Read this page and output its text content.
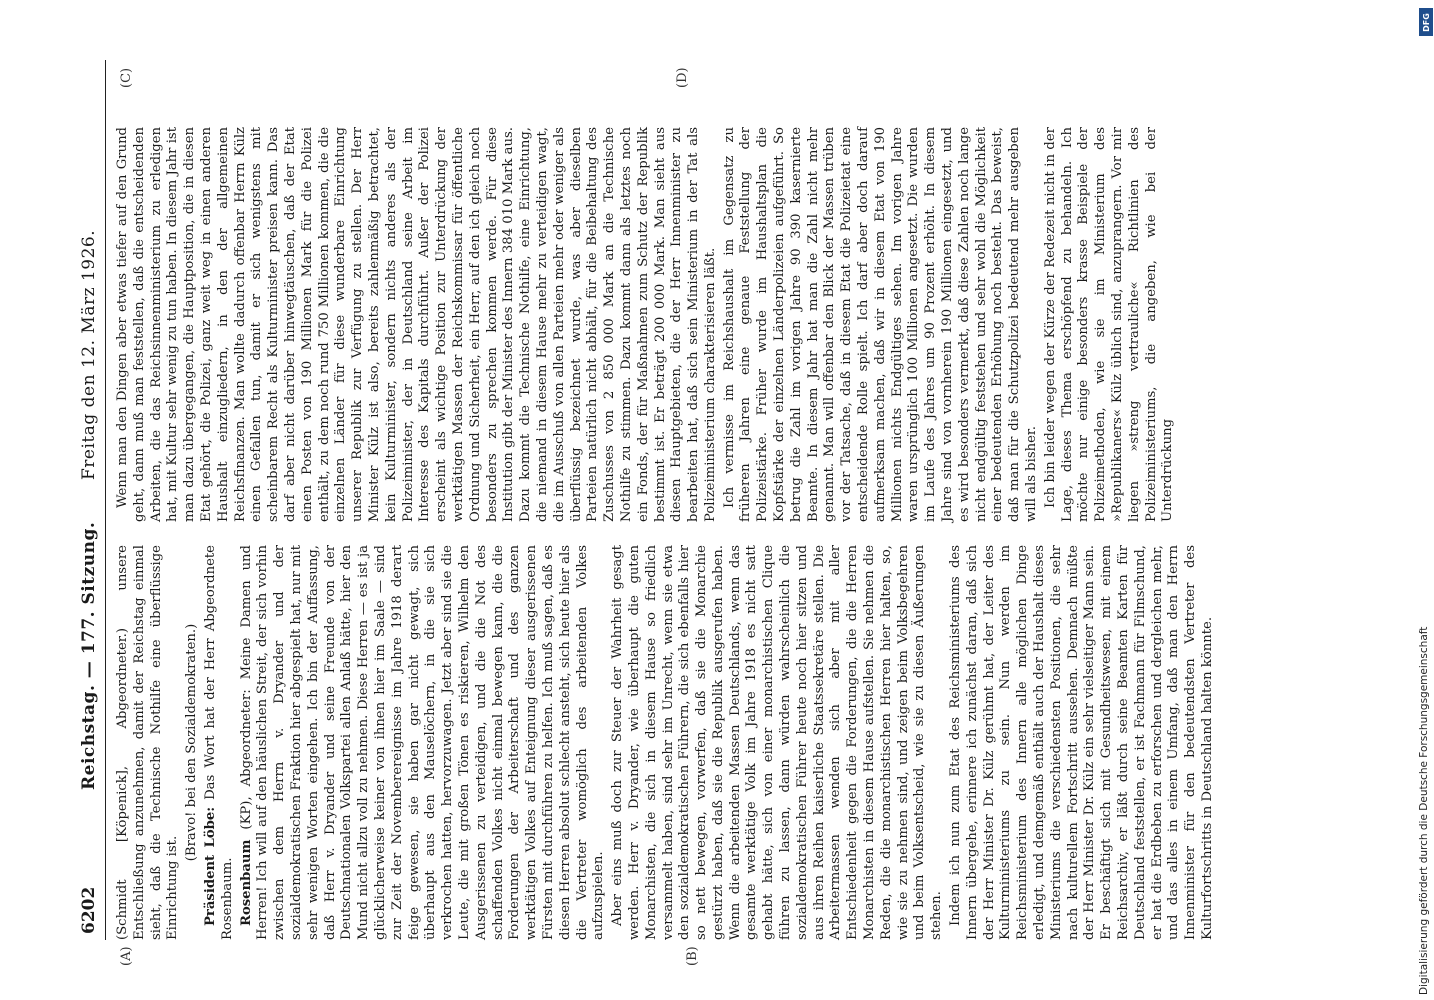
6202
Reichstag. — 177. Sitzung.
Freitag den 12. März 1926.
(A)	(B)
(C)	(D)

(Schmidt [Köpenick], Abgeordneter.) unsere Entschließung anzunehmen, damit der Reichstag einmal sieht, daß die Technische Nothilfe eine überflüssige Einrichtung ist.

(Bravo! bei den Sozialdemokraten.)

Präsident Löbe: Das Wort hat der Herr Abgeordnete Rosenbaum. Rosenbaum (KP), Abgeordneter: Meine Damen und Herren! Ich will auf den häuslichen Streit, der sich vorhin zwischen dem Herrn v. Dryander und der sozialdemokratischen Fraktion hier abgespielt hat, nur mit sehr wenigen Worten eingehen. Ich bin der Auffassung, daß Herr v. Dryander und seine Freunde von der Deutschnationalen Volkspartei allen Anlaß hätte, hier den Mund nicht allzu voll zu nehmen. Diese Herren — es ist ja glücklicherweise keiner von ihnen hier im Saale — sind zur Zeit der Novemberereignisse im Jahre 1918 derart feige gewesen, sie haben gar nicht gewagt, sich überhaupt aus den Mauselöchern, in die sie sich verkrochen hatten, hervorzuwagen. Jetzt aber sind sie die Leute, die mit großen Tönen es riskieren, Wilhelm den Ausgerissenen zu verteidigen, und die die Not des schaffenden Volkes nicht einmal bewegen kann, die die Forderungen der Arbeiterschaft und des ganzen werktätigen Volkes auf Enteignung dieser ausgerissenen Fürsten mit durchführen zu helfen. Ich muß sagen, daß es diesen Herren absolut schlecht ansteht, sich heute hier als die Vertreter womöglich des arbeitenden Volkes aufzuspielen. Aber eins muß doch zur Steuer der Wahrheit gesagt werden. Herr v. Dryander, wie überhaupt die guten Monarchisten, die sich in diesem Hause so friedlich versammelt haben, sind sehr im Unrecht, wenn sie etwa den sozialdemokratischen Führern, die sich ebenfalls hier so nett bewegen, vorwerfen, daß sie die Monarchie gestürzt haben, daß sie die Republik ausgerufen haben. Wenn die arbeitenden Massen Deutschlands, wenn das gesamte werktätige Volk im Jahre 1918 es nicht satt gehabt hätte, sich von einer monarchistischen Clique führen zu lassen, dann würden wahrscheinlich die sozialdemokratischen Führer heute noch hier sitzen und aus ihren Reihen kaiserliche Staatssekretäre stellen. Die Arbeitermassen wenden sich aber mit aller Entschiedenheit gegen die Forderungen, die die Herren Monarchisten in diesem Hause aufstellen. Sie nehmen die Reden, die die monarchistischen Herren hier halten, so, wie sie zu nehmen sind, und zeigen beim Volksbegehren und beim Volksentscheid, wie sie zu diesen Äußerungen stehen. Indem ich nun zum Etat des Reichsministeriums des Innern übergehe, erinnere ich zunächst daran, daß sich der Herr Minister Dr. Külz gerühmt hat, der Leiter des Kulturministeriums zu sein. Nun werden im Reichsministerium des Innern alle möglichen Dinge erledigt, und demgemäß enthält auch der Haushalt dieses Ministeriums die verschiedensten Positionen, die sehr nach kulturellem Fortschritt aussehen. Demnach müßte der Herr Minister Dr. Külz ein sehr vielseitiger Mann sein. Er beschäftigt sich mit Gesundheitswesen, mit einem Reichsarchiv, er läßt durch seine Beamten Karten für Deutschland feststellen, er ist Fachmann für Filmschund, er hat die Erdbeben zu erforschen und dergleichen mehr, und das alles in einem Umfang, daß man den Herrn Innenminister für den bedeutendsten Vertreter des Kulturfortschritts in Deutschland halten könnte.

Wenn man den Dingen aber etwas tiefer auf den Grund geht, dann muß man feststellen, daß die entscheidenden Arbeiten, die das Reichsinnenministerium zu erledigen hat, mit Kultur sehr wenig zu tun haben. In diesem Jahr ist man dazu übergegangen, die Hauptposition, die in diesen Etat gehört, die Polizei, ganz weit weg in einen anderen Haushalt einzugliedern, in den der allgemeinen Reichsfinanzen. Man wollte dadurch offenbar Herrn Külz einen Gefallen tun, damit er sich wenigstens mit scheinbarem Recht als Kulturminister preisen kann. Das darf aber nicht darüber hinwegtäuschen, daß der Etat einen Posten von 190 Millionen Mark für die Polizei enthält, zu dem noch rund 750 Millionen kommen, die die einzelnen Länder für diese wunderbare Einrichtung unserer Republik zur Verfügung zu stellen. Der Herr Minister Külz ist also, bereits zahlenmäßig betrachtet, kein Kulturminister, sondern nichts anderes als der Polizeiminister, der in Deutschland seine Arbeit im Interesse des Kapitals durchführt. Außer der Polizei erscheint als wichtige Position zur Unterdrückung der werktätigen Massen der Reichskommissar für öffentliche Ordnung und Sicherheit, ein Herr, auf den ich gleich noch besonders zu sprechen kommen werde. Für diese Institution gibt der Minister des Innern 384 010 Mark aus. Dazu kommt die Technische Nothilfe, eine Einrichtung, die niemand in diesem Hause mehr zu verteidigen wagt, die im Ausschuß von allen Parteien mehr oder weniger als überflüssig bezeichnet wurde, was aber dieselben Parteien natürlich nicht abhält, für die Beibehaltung des Zuschusses von 2 850 000 Mark an die Technische Nothilfe zu stimmen. Dazu kommt dann als letztes noch ein Fonds, der für Maßnahmen zum Schutz der Republik bestimmt ist. Er beträgt 200 000 Mark. Man sieht aus diesen Hauptgebieten, die der Herr Innenminister zu bearbeiten hat, daß sich sein Ministerium in der Tat als Polizeiministerium charakterisieren läßt. Ich vermisse im Reichshaushalt im Gegensatz zu früheren Jahren eine genaue Feststellung der Polizeistärke. Früher wurde im Haushaltsplan die Kopfstärke der einzelnen Länderpolizeien aufgeführt. So betrug die Zahl im vorigen Jahre 90 390 kasernierte Beamte. In diesem Jahr hat man die Zahl nicht mehr genannt. Man will offenbar den Blick der Massen trüben vor der Tatsache, daß in diesem Etat die Polizeietat eine entscheidende Rolle spielt. Ich darf aber doch darauf aufmerksam machen, daß wir in diesem Etat von 190 Millionen nichts Endgültiges sehen. Im vorigen Jahre waren ursprünglich 100 Millionen angesetzt. Die wurden im Laufe des Jahres um 90 Prozent erhöht. In diesem Jahre sind von vornherein 190 Millionen eingesetzt, und es wird besonders vermerkt, daß diese Zahlen noch lange nicht endgültig feststehen und sehr wohl die Möglichkeit einer bedeutenden Erhöhung noch besteht. Das beweist, daß man für die Schutzpolizei bedeutend mehr ausgeben will als bisher. Ich bin leider wegen der Kürze der Redezeit nicht in der Lage, dieses Thema erschöpfend zu behandeln. Ich möchte nur einige besonders krasse Beispiele der Polizeimethoden, wie sie im Ministerium des »Republikaners« Külz üblich sind, anzuprangern. Vor mir liegen »streng vertrauliche« Richtlinien des Polizeiministeriums, die angeben, wie bei der Unterdrückung

Digitalisierung gefördert durch die Deutsche Forschungsgemeinschaft
DFG
